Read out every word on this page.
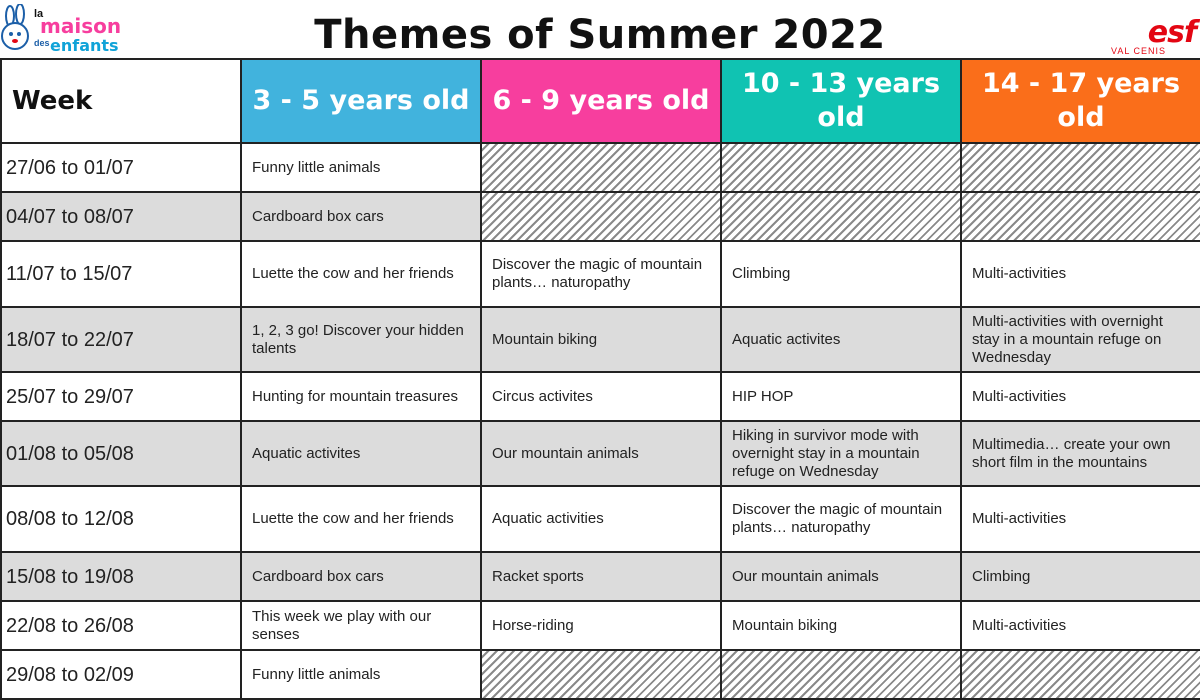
la
maison
des enfants	Themes of Summer 2022	esf
VAL CENIS
Week	3 - 5 years old	6 - 9 years old	10 - 13 years old	14 - 17 years old
27/06 to 01/07	Funny little animals			
04/07 to 08/07	Cardboard box cars			
11/07 to 15/07	Luette the cow and her friends	Discover the magic of mountain plants… naturopathy	Climbing	Multi-activities
18/07 to 22/07	1, 2, 3 go! Discover your hidden talents	Mountain biking	Aquatic activites	Multi-activities with overnight stay in a mountain refuge on Wednesday
25/07 to 29/07	Hunting for mountain treasures	Circus activites	HIP HOP	Multi-activities
01/08 to 05/08	Aquatic activites	Our mountain animals	Hiking in survivor mode with overnight stay in a mountain refuge on Wednesday	Multimedia… create your own short film in the mountains
08/08 to 12/08	Luette the cow and her friends	Aquatic activities	Discover the magic of mountain plants… naturopathy	Multi-activities
15/08 to 19/08	Cardboard box cars	Racket sports	Our mountain animals	Climbing
22/08 to 26/08	This week we play with our senses	Horse-riding	Mountain biking	Multi-activities
29/08 to 02/09	Funny little animals			
